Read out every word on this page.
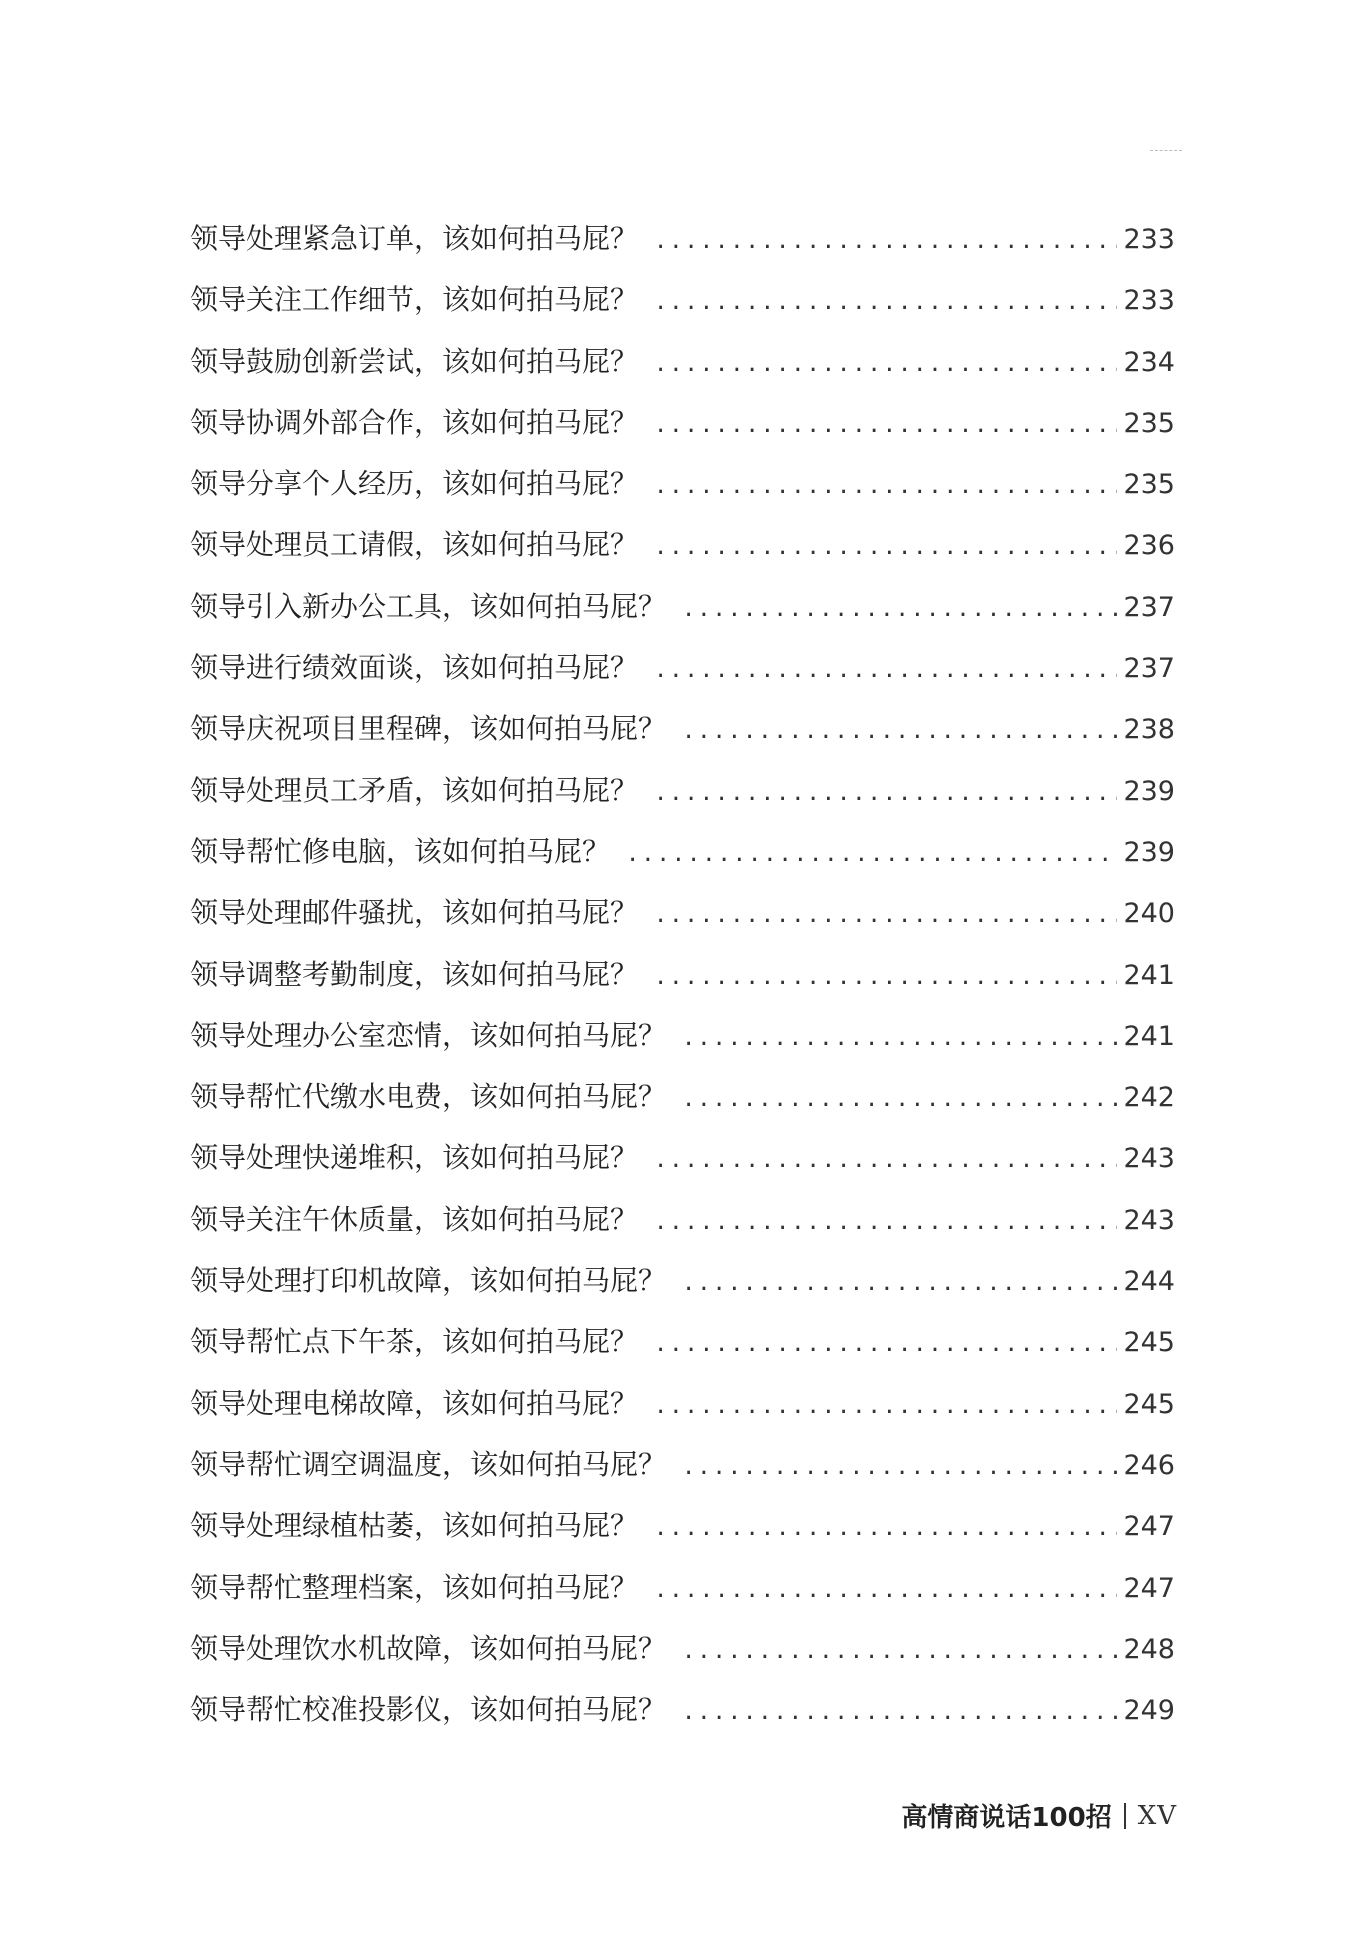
领导处理紧急订单，该如何拍马屁？ .....	233
领导关注工作细节，该如何拍马屁？ .....	233
领导鼓励创新尝试，该如何拍马屁？ .....	234
领导协调外部合作，该如何拍马屁？ .....	235
领导分享个人经历，该如何拍马屁？ .....	235
领导处理员工请假，该如何拍马屁？ .....	236
领导引入新办公工具，该如何拍马屁？ .....	237
领导进行绩效面谈，该如何拍马屁？ .....	237
领导庆祝项目里程碑，该如何拍马屁？ .....	238
领导处理员工矛盾，该如何拍马屁？ .....	239
领导帮忙修电脑，该如何拍马屁？ .....	239
领导处理邮件骚扰，该如何拍马屁？ .....	240
领导调整考勤制度，该如何拍马屁？ .....	241
领导处理办公室恋情，该如何拍马屁？ .....	241
领导帮忙代缴水电费，该如何拍马屁？ .....	242
领导处理快递堆积，该如何拍马屁？ .....	243
领导关注午休质量，该如何拍马屁？ .....	243
领导处理打印机故障，该如何拍马屁？ .....	244
领导帮忙点下午茶，该如何拍马屁？ .....	245
领导处理电梯故障，该如何拍马屁？ .....	245
领导帮忙调空调温度，该如何拍马屁？ .....	246
领导处理绿植枯萎，该如何拍马屁？ .....	247
领导帮忙整理档案，该如何拍马屁？ .....	247
领导处理饮水机故障，该如何拍马屁？ .....	248
领导帮忙校准投影仪，该如何拍马屁？ .....	249
高情商说话100招 XV
